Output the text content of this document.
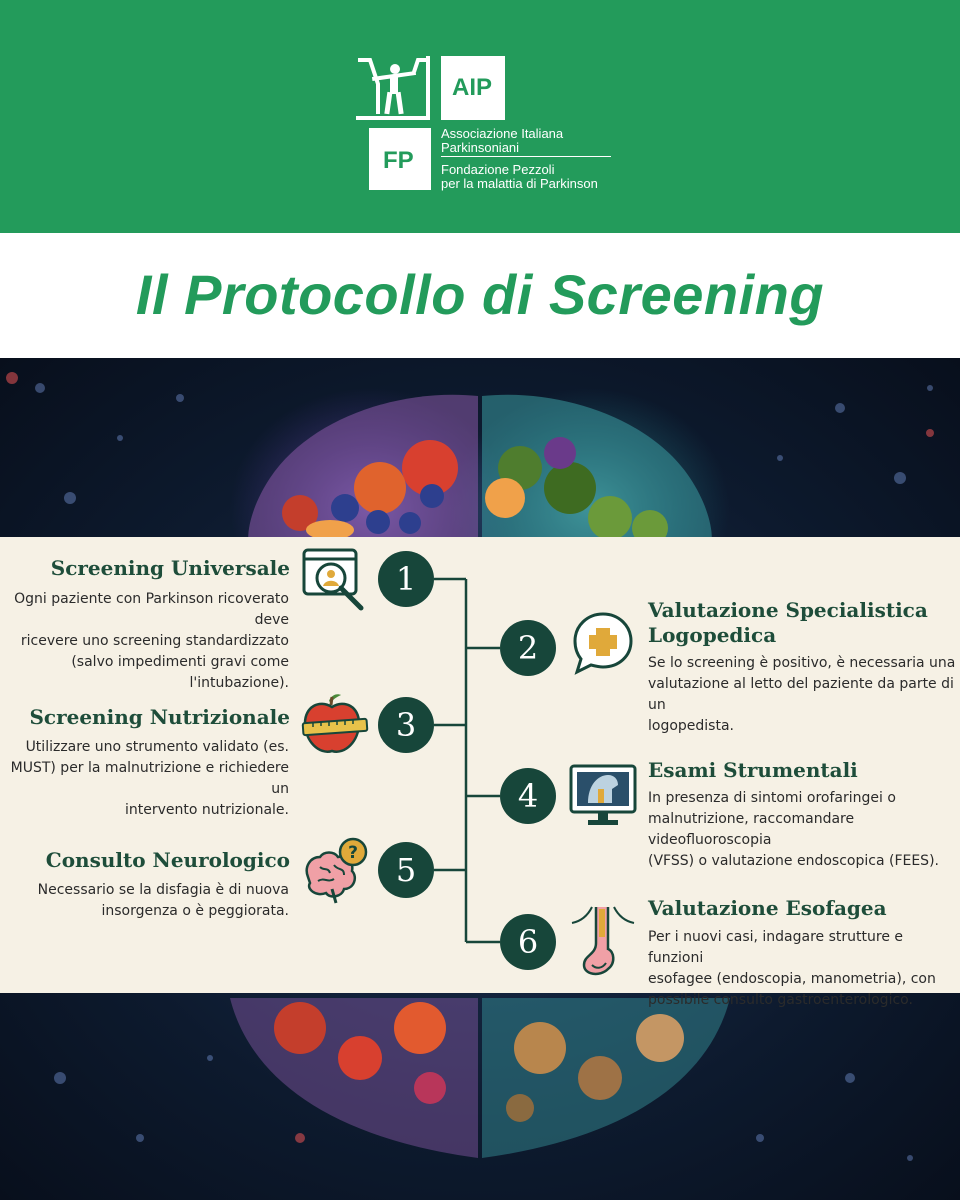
AIP
FP
Associazione Italiana
Parkinsoniani
Fondazione Pezzoli
per la malattia di Parkinson
Il Protocollo di Screening
Screening Universale
Ogni paziente con Parkinson ricoverato deve
ricevere uno screening standardizzato
(salvo impedimenti gravi come
l'intubazione).
1
2
Valutazione Specialistica
Logopedica
Se lo screening è positivo, è necessaria una
valutazione al letto del paziente da parte di un
logopedista.
Screening Nutrizionale
Utilizzare uno strumento validato (es.
MUST) per la malnutrizione e richiedere un
intervento nutrizionale.
3
4
Esami Strumentali
In presenza di sintomi orofaringei o
malnutrizione, raccomandare videofluoroscopia
(VFSS) o valutazione endoscopica (FEES).
Consulto Neurologico
Necessario se la disfagia è di nuova
insorgenza o è peggiorata.
?	5
6
Valutazione Esofagea
Per i nuovi casi, indagare strutture e funzioni
esofagee (endoscopia, manometria), con
possibile consulto gastroenterologico.
